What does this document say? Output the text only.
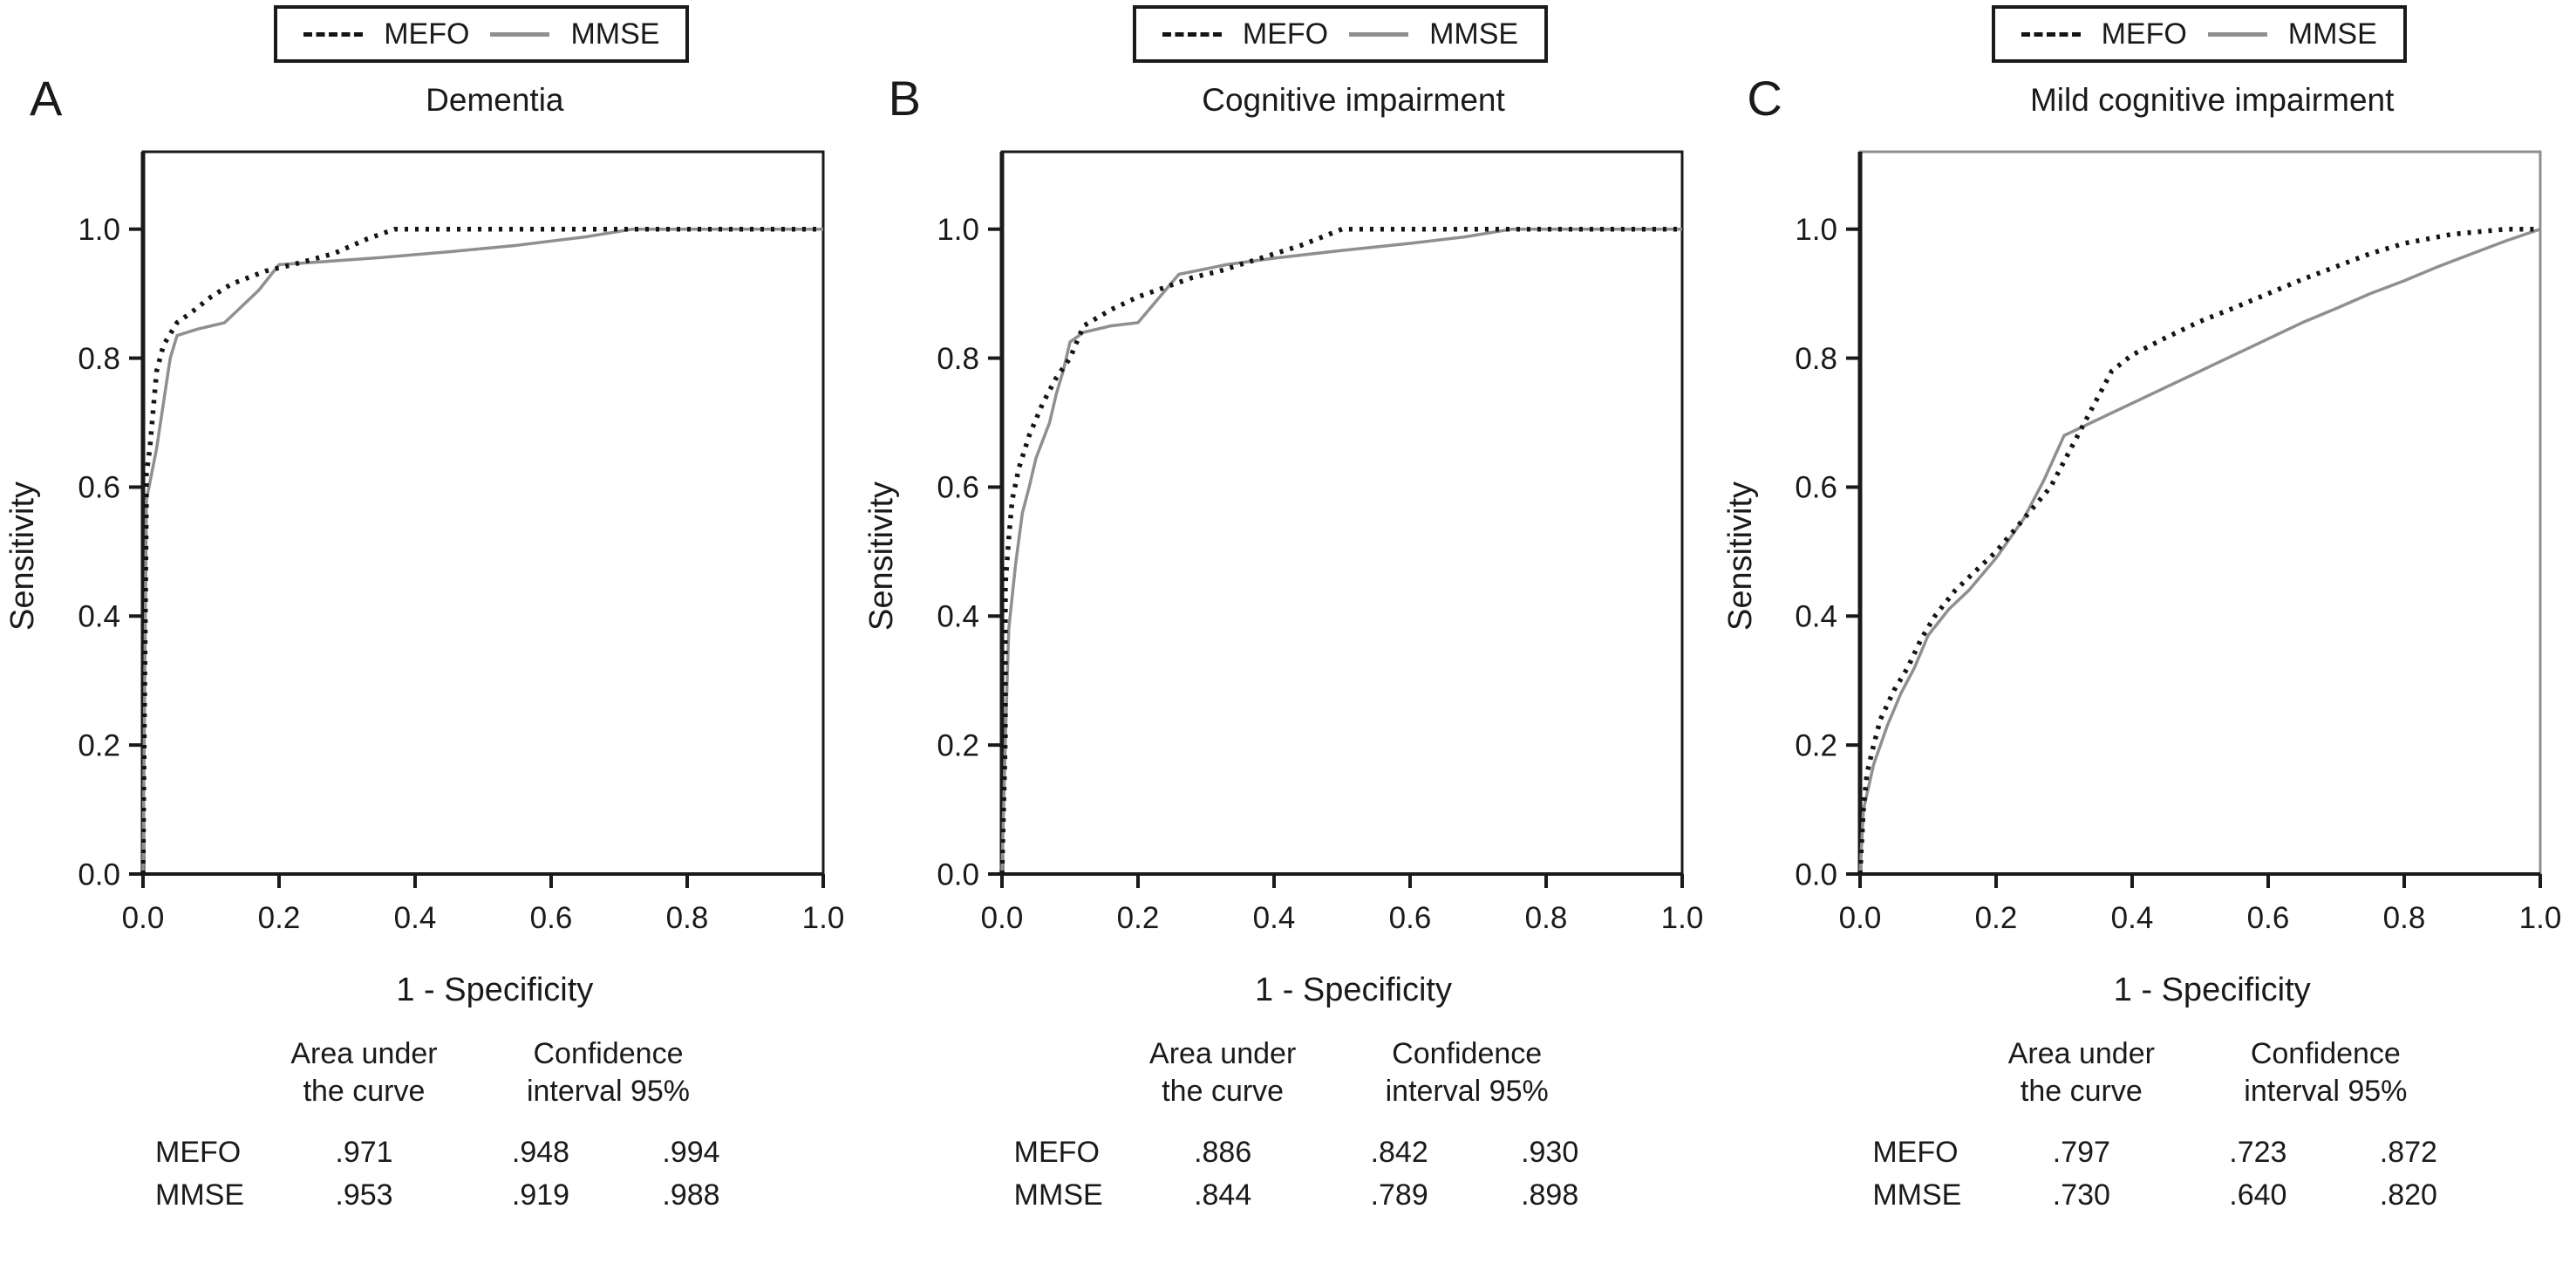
MEFO	MMSE
A	Dementia
Sensitivity
0.0
0.2
0.4
0.6
0.8
1.0
0.0	0.2	0.4	0.6	0.8	1.0
1 - Specificity
Area under
the curve
Confidence
interval 95%
MEFO	.971	.948	.994
MMSE	.953	.919	.988
MEFO	MMSE
B	Cognitive impairment
Sensitivity
0.0
0.2
0.4
0.6
0.8
1.0
0.0	0.2	0.4	0.6	0.8	1.0
1 - Specificity
Area under
the curve
Confidence
interval 95%
MEFO	.886	.842	.930
MMSE	.844	.789	.898
MEFO	MMSE
C	Mild cognitive impairment
Sensitivity
0.0
0.2
0.4
0.6
0.8
1.0
0.0	0.2	0.4	0.6	0.8	1.0
1 - Specificity
Area under
the curve
Confidence
interval 95%
MEFO	.797	.723	.872
MMSE	.730	.640	.820
